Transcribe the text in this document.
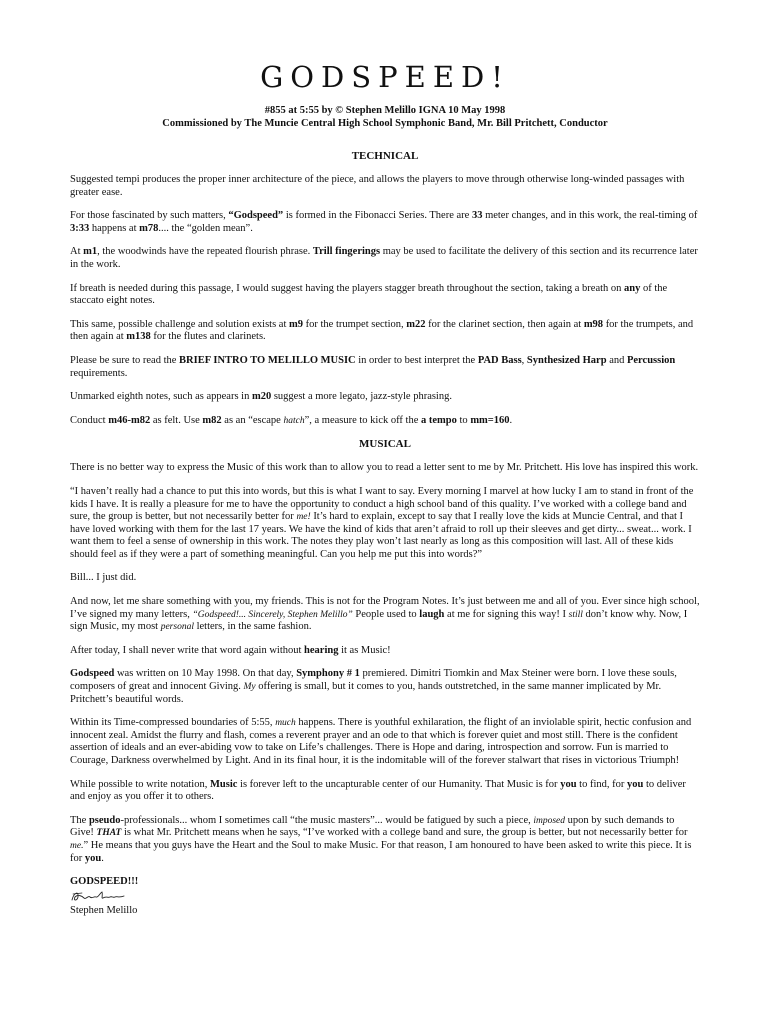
GODSPEED!

#855 at 5:55 by © Stephen Melillo IGNA 10 May 1998

Commissioned by The Muncie Central High School Symphonic Band, Mr. Bill Pritchett, Conductor

TECHNICAL

Suggested tempi produces the proper inner architecture of the piece, and allows the players to move through otherwise long-winded passages with greater ease.

For those fascinated by such matters, “Godspeed” is formed in the Fibonacci Series. There are 33 meter changes, and in this work, the real-timing of 3:33 happens at m78.... the “golden mean”.

At m1, the woodwinds have the repeated flourish phrase. Trill fingerings may be used to facilitate the delivery of this section and its recurrence later in the work.

If breath is needed during this passage, I would suggest having the players stagger breath throughout the section, taking a breath on any of the staccato eight notes.

This same, possible challenge and solution exists at m9 for the trumpet section, m22 for the clarinet section, then again at m98 for the trumpets, and then again at m138 for the flutes and clarinets.

Please be sure to read the BRIEF INTRO TO MELILLO MUSIC in order to best interpret the PAD Bass, Synthesized Harp and Percussion requirements.

Unmarked eighth notes, such as appears in m20 suggest a more legato, jazz-style phrasing.

Conduct m46-m82 as felt. Use m82 as an “escape hatch”, a measure to kick off the a tempo to mm=160.

MUSICAL

There is no better way to express the Music of this work than to allow you to read a letter sent to me by Mr. Pritchett. His love has inspired this work.

“I haven’t really had a chance to put this into words, but this is what I want to say. Every morning I marvel at how lucky I am to stand in front of the kids I have. It is really a pleasure for me to have the opportunity to conduct a high school band of this quality. I’ve worked with a college band and sure, the group is better, but not necessarily better for me! It’s hard to explain, except to say that I really love the kids at Muncie Central, and that I have loved working with them for the last 17 years. We have the kind of kids that aren’t afraid to roll up their sleeves and get dirty... sweat... work. I want them to feel a sense of ownership in this work. The notes they play won’t last nearly as long as this composition will last. All of these kids should feel as if they were a part of something meaningful. Can you help me put this into words?”

Bill... I just did.

And now, let me share something with you, my friends. This is not for the Program Notes. It’s just between me and all of you. Ever since high school, I’ve signed my many letters, “Godspeed!... Sincerely, Stephen Melillo” People used to laugh at me for signing this way! I still don’t know why. Now, I sign Music, my most personal letters, in the same fashion.

After today, I shall never write that word again without hearing it as Music!

Godspeed was written on 10 May 1998. On that day, Symphony # 1 premiered. Dimitri Tiomkin and Max Steiner were born. I love these souls, composers of great and innocent Giving. My offering is small, but it comes to you, hands outstretched, in the same manner implicated by Mr. Pritchett’s beautiful words.

Within its Time-compressed boundaries of 5:55, much happens. There is youthful exhilaration, the flight of an inviolable spirit, hectic confusion and innocent zeal. Amidst the flurry and flash, comes a reverent prayer and an ode to that which is forever quiet and most still. There is the confident assertion of ideals and an ever-abiding vow to take on Life’s challenges. There is Hope and daring, introspection and sorrow. Fun is married to Courage, Darkness overwhelmed by Light. And in its final hour, it is the indomitable will of the forever stalwart that rises in victorious Triumph!

While possible to write notation, Music is forever left to the uncapturable center of our Humanity. That Music is for you to find, for you to deliver and enjoy as you offer it to others.

The pseudo-professionals... whom I sometimes call “the music masters”... would be fatigued by such a piece, imposed upon by such demands to Give! THAT is what Mr. Pritchett means when he says, “I’ve worked with a college band and sure, the group is better, but not necessarily better for me.” He means that you guys have the Heart and the Soul to make Music. For that reason, I am honoured to have been asked to write this piece. It is for you.

GODSPEED!!!

Stephen Melillo
